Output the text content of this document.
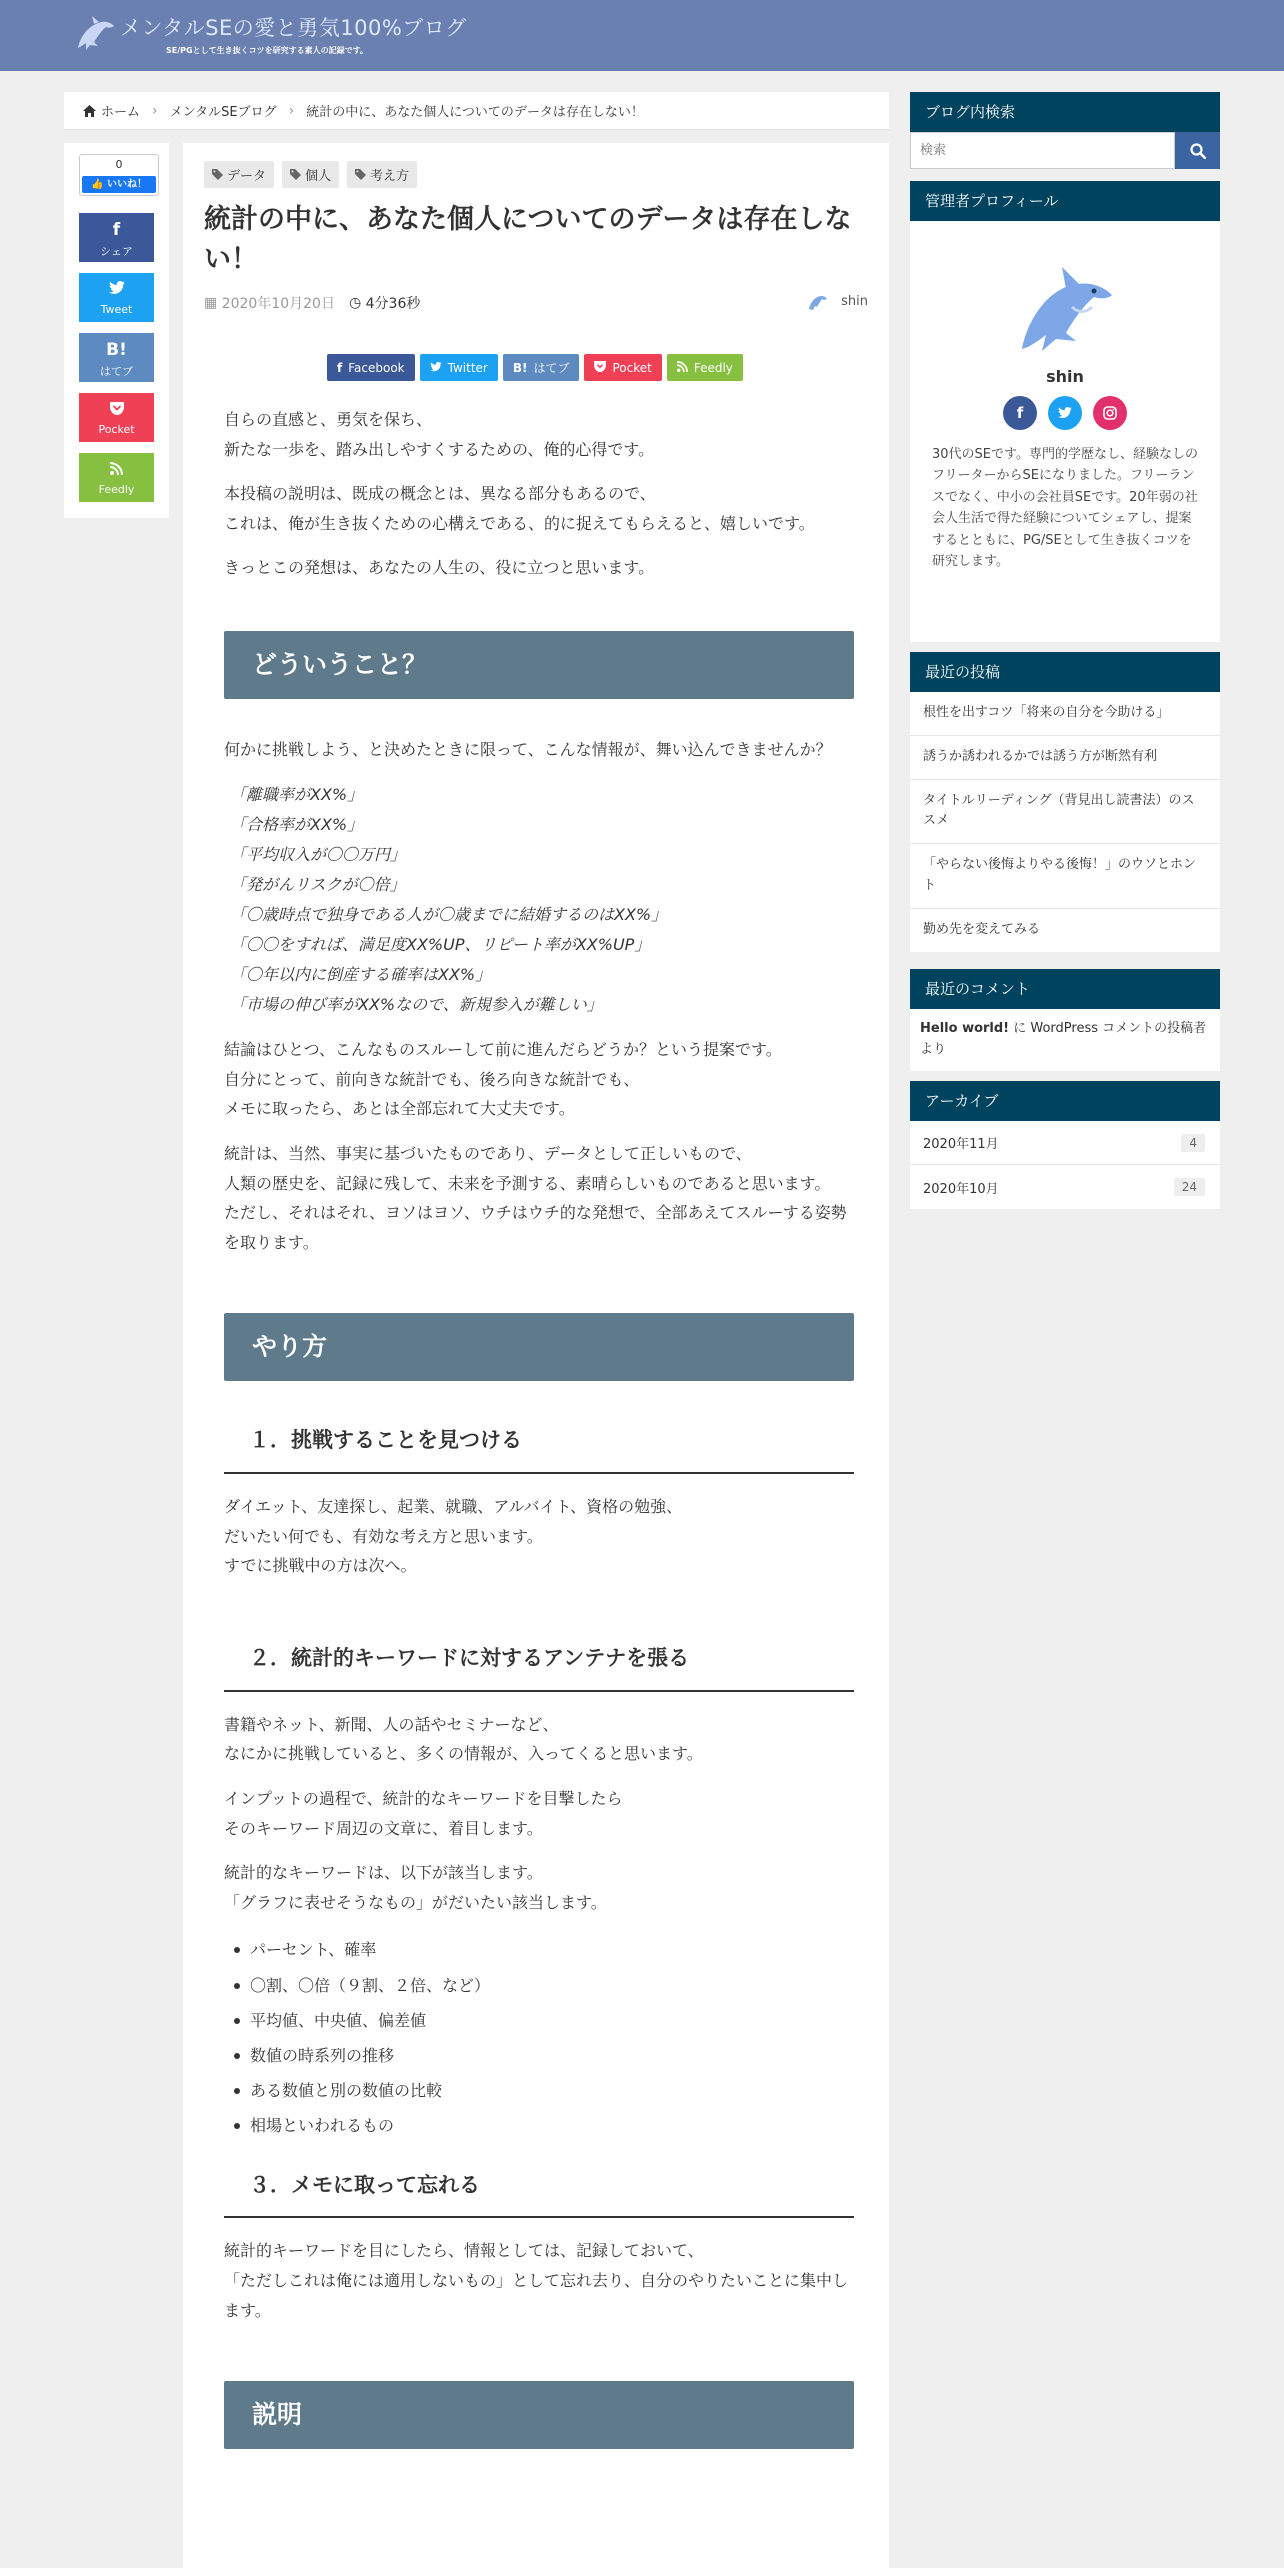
メンタルSEの愛と勇気100%ブログ
SE/PGとして生き抜くコツを研究する素人の記録です。
ホーム › メンタルSEブログ › 統計の中に、あなた個人についてのデータは存在しない！
0
👍 いいね！
f
シェア
Tweet
B!
はてブ
Pocket
Feedly
データ	個人	考え方
統計の中に、あなた個人についてのデータは存在しない！
▦
2020年10月20日 ◷
4分36秒	shin
f Facebook	Twitter B! はてブ	Pocket	Feedly

自らの直感と、勇気を保ち、
新たな一歩を、踏み出しやすくするための、俺的心得です。

本投稿の説明は、既成の概念とは、異なる部分もあるので、
これは、俺が生き抜くための心構えである、的に捉えてもらえると、嬉しいです。

きっとこの発想は、あなたの人生の、役に立つと思います。

どういうこと？

何かに挑戦しよう、と決めたときに限って、こんな情報が、舞い込んできませんか？

「離職率がXX%」
「合格率がXX%」
「平均収入が〇〇万円」
「発がんリスクが〇倍」
「〇歳時点で独身である人が〇歳までに結婚するのはXX%」
「〇〇をすれば、満足度XX%UP、リピート率がXX%UP」
「〇年以内に倒産する確率はXX%」
「市場の伸び率がXX%なので、新規参入が難しい」

結論はひとつ、こんなものスルーして前に進んだらどうか？という提案です。
自分にとって、前向きな統計でも、後ろ向きな統計でも、
メモに取ったら、あとは全部忘れて大丈夫です。

統計は、当然、事実に基づいたものであり、データとして正しいもので、
人類の歴史を、記録に残して、未来を予測する、素晴らしいものであると思います。
ただし、それはそれ、ヨソはヨソ、ウチはウチ的な発想で、全部あえてスルーする姿勢を取ります。

やり方
１．挑戦することを見つける

ダイエット、友達探し、起業、就職、アルバイト、資格の勉強、
だいたい何でも、有効な考え方と思います。
すでに挑戦中の方は次へ。

２．統計的キーワードに対するアンテナを張る

書籍やネット、新聞、人の話やセミナーなど、
なにかに挑戦していると、多くの情報が、入ってくると思います。

インプットの過程で、統計的なキーワードを目撃したら
そのキーワード周辺の文章に、着目します。

統計的なキーワードは、以下が該当します。
「グラフに表せそうなもの」がだいたい該当します。

パーセント、確率
〇割、〇倍（９割、２倍、など）
平均値、中央値、偏差値
数値の時系列の推移
ある数値と別の数値の比較
相場といわれるもの
３．メモに取って忘れる

統計的キーワードを目にしたら、情報としては、記録しておいて、
「ただしこれは俺には適用しないもの」として忘れ去り、自分のやりたいことに集中します。

説明
ブログ内検索
検索
管理者プロフィール
shin
f
30代のSEです。専門的学歴なし、経験なしのフリーターからSEになりました。フリーランスでなく、中小の会社員SEです。20年弱の社会人生活で得た経験についてシェアし、提案するとともに、PG/SEとして生き抜くコツを研究します。
最近の投稿
根性を出すコツ「将来の自分を今助ける」
誘うか誘われるかでは誘う方が断然有利
タイトルリーディング（背見出し読書法）のススメ
「やらない後悔よりやる後悔！」のウソとホント
勤め先を変えてみる
最近のコメント
Hello world! に WordPress コメントの投稿者 より
アーカイブ
2020年11月	4
2020年10月	24
